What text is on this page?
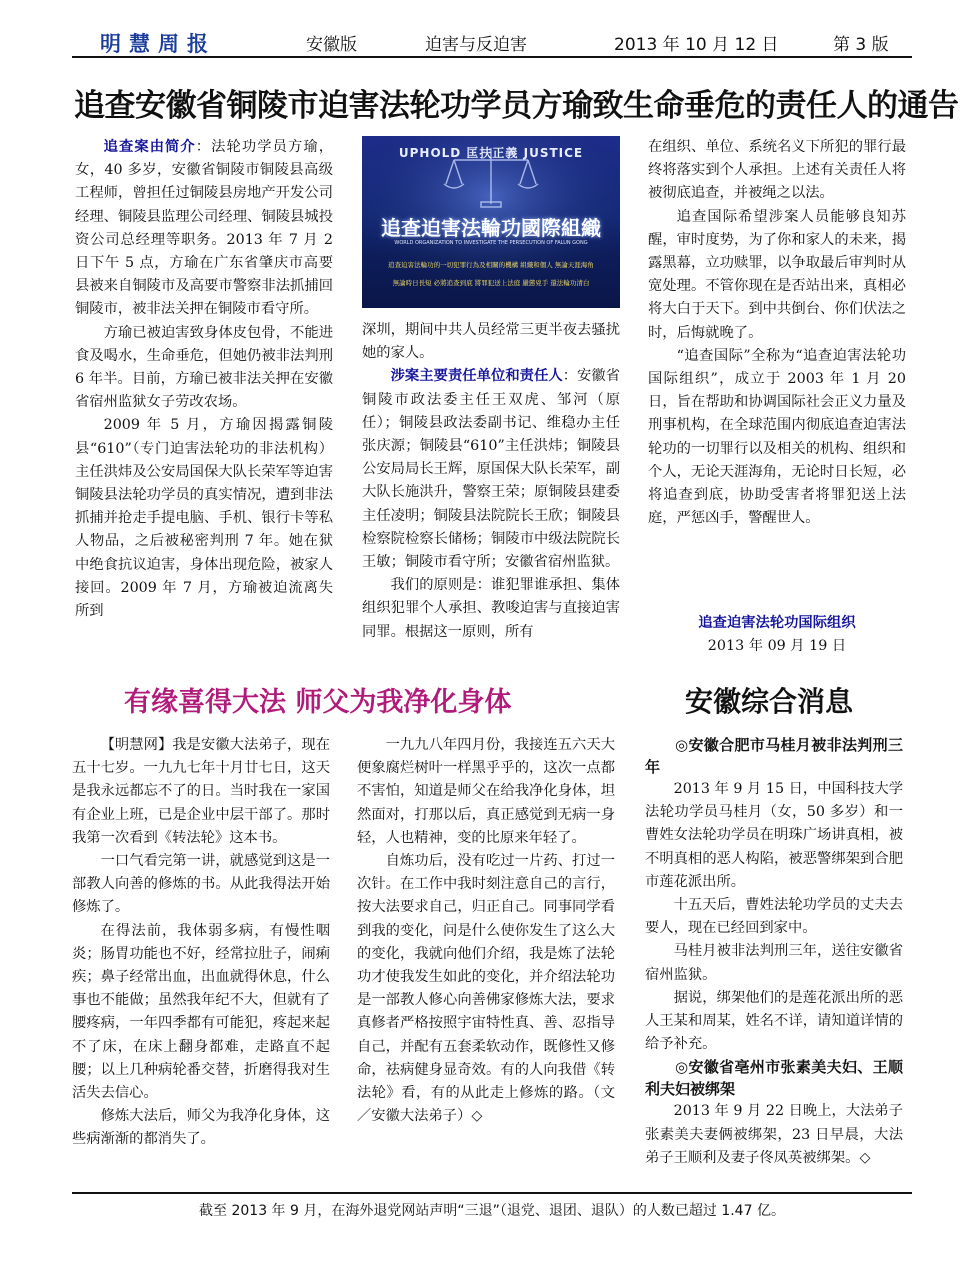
明慧周报	安徽版	迫害与反迫害	2013 年 10 月 12 日	第 3 版
追查安徽省铜陵市迫害法轮功学员方瑜致生命垂危的责任人的通告

追查案由简介：法轮功学员方瑜，女，40 多岁，安徽省铜陵市铜陵县高级工程师，曾担任过铜陵县房地产开发公司经理、铜陵县监理公司经理、铜陵县城投资公司总经理等职务。2013 年 7 月 2 日下午 5 点，方瑜在广东省肇庆市高要县被来自铜陵市及高要市警察非法抓捕回铜陵市，被非法关押在铜陵市看守所。

方瑜已被迫害致身体皮包骨，不能进食及喝水，生命垂危，但她仍被非法判刑 6 年半。目前，方瑜已被非法关押在安徽省宿州监狱女子劳改农场。

2009 年 5 月，方瑜因揭露铜陵县“610”（专门迫害法轮功的非法机构）主任洪炜及公安局国保大队长荣军等迫害铜陵县法轮功学员的真实情况，遭到非法抓捕并抢走手提电脑、手机、银行卡等私人物品，之后被秘密判刑 7 年。她在狱中绝食抗议迫害，身体出现危险，被家人接回。2009 年 7 月，方瑜被迫流离失所到

UPHOLD 匡扶正義 JUSTICE
追查迫害法輪功國際組織
WORLD ORGANIZATION TO INVESTIGATE THE PERSECUTION OF FALUN GONG
追查迫害法輪功的一切犯罪行為及相關的機構 組織和個人 無論天涯海角
無論時日長短 必將追查到底 將罪犯送上法庭 嚴懲兇手 還法輪功清白

深圳，期间中共人员经常三更半夜去骚扰她的家人。

涉案主要责任单位和责任人：安徽省铜陵市政法委主任王双虎、邹河（原任）；铜陵县政法委副书记、维稳办主任张庆源；铜陵县“610”主任洪炜；铜陵县公安局局长王辉，原国保大队长荣军，副大队长施洪升，警察王荣；原铜陵县建委主任凌明；铜陵县法院院长王欣；铜陵县检察院检察长储杨；铜陵市中级法院院长王敏；铜陵市看守所；安徽省宿州监狱。

我们的原则是：谁犯罪谁承担、集体组织犯罪个人承担、教唆迫害与直接迫害同罪。根据这一原则，所有

在组织、单位、系统名义下所犯的罪行最终将落实到个人承担。上述有关责任人将被彻底追查，并被绳之以法。

追查国际希望涉案人员能够良知苏醒，审时度势，为了你和家人的未来，揭露黑幕，立功赎罪，以争取最后审判时从宽处理。不管你现在是否站出来，真相必将大白于天下。到中共倒台、你们伏法之时，后悔就晚了。

“追查国际”全称为“追查迫害法轮功国际组织”，成立于 2003 年 1 月 20 日，旨在帮助和协调国际社会正义力量及刑事机构，在全球范围内彻底追查迫害法轮功的一切罪行以及相关的机构、组织和个人，无论天涯海角，无论时日长短，必将追查到底，协助受害者将罪犯送上法庭，严惩凶手，警醒世人。

追查迫害法轮功国际组织
2013 年 09 月 19 日
有缘喜得大法 师父为我净化身体	安徽综合消息

【明慧网】我是安徽大法弟子，现在五十七岁。一九九七年十月廿七日，这天是我永远都忘不了的日。当时我在一家国有企业上班，已是企业中层干部了。那时我第一次看到《转法轮》这本书。

一口气看完第一讲，就感觉到这是一部教人向善的修炼的书。从此我得法开始修炼了。

在得法前，我体弱多病，有慢性咽炎；肠胃功能也不好，经常拉肚子，闹痢疾；鼻子经常出血，出血就得休息，什么事也不能做；虽然我年纪不大，但就有了腰疼病，一年四季都有可能犯，疼起来起不了床，在床上翻身都难，走路直不起腰；以上几种病轮番交替，折磨得我对生活失去信心。

修炼大法后，师父为我净化身体，这些病渐渐的都消失了。

一九九八年四月份，我接连五六天大便象腐烂树叶一样黑乎乎的，这次一点都不害怕，知道是师父在给我净化身体，坦然面对，打那以后，真正感觉到无病一身轻，人也精神，变的比原来年轻了。

自炼功后，没有吃过一片药、打过一次针。在工作中我时刻注意自己的言行，按大法要求自己，归正自己。同事同学看到我的变化，问是什么使你发生了这么大的变化，我就向他们介绍，我是炼了法轮功才使我发生如此的变化，并介绍法轮功是一部教人修心向善佛家修炼大法，要求真修者严格按照宇宙特性真、善、忍指导自己，并配有五套柔软动作，既修性又修命，祛病健身显奇效。有的人向我借《转法轮》看，有的从此走上修炼的路。（文／安徽大法弟子）◇

◎安徽合肥市马桂月被非法判刑三年

2013 年 9 月 15 日，中国科技大学法轮功学员马桂月（女，50 多岁）和一曹姓女法轮功学员在明珠广场讲真相，被不明真相的恶人构陷，被恶警绑架到合肥市莲花派出所。

十五天后，曹姓法轮功学员的丈夫去要人，现在已经回到家中。

马桂月被非法判刑三年，送往安徽省宿州监狱。

据说，绑架他们的是莲花派出所的恶人王某和周某，姓名不详，请知道详情的给予补充。

◎安徽省亳州市张素美夫妇、王顺利夫妇被绑架

2013 年 9 月 22 日晚上，大法弟子张素美夫妻俩被绑架，23 日早晨，大法弟子王顺利及妻子佟凤英被绑架。◇

截至 2013 年 9 月，在海外退党网站声明“三退”（退党、退团、退队）的人数已超过 1.47 亿。
